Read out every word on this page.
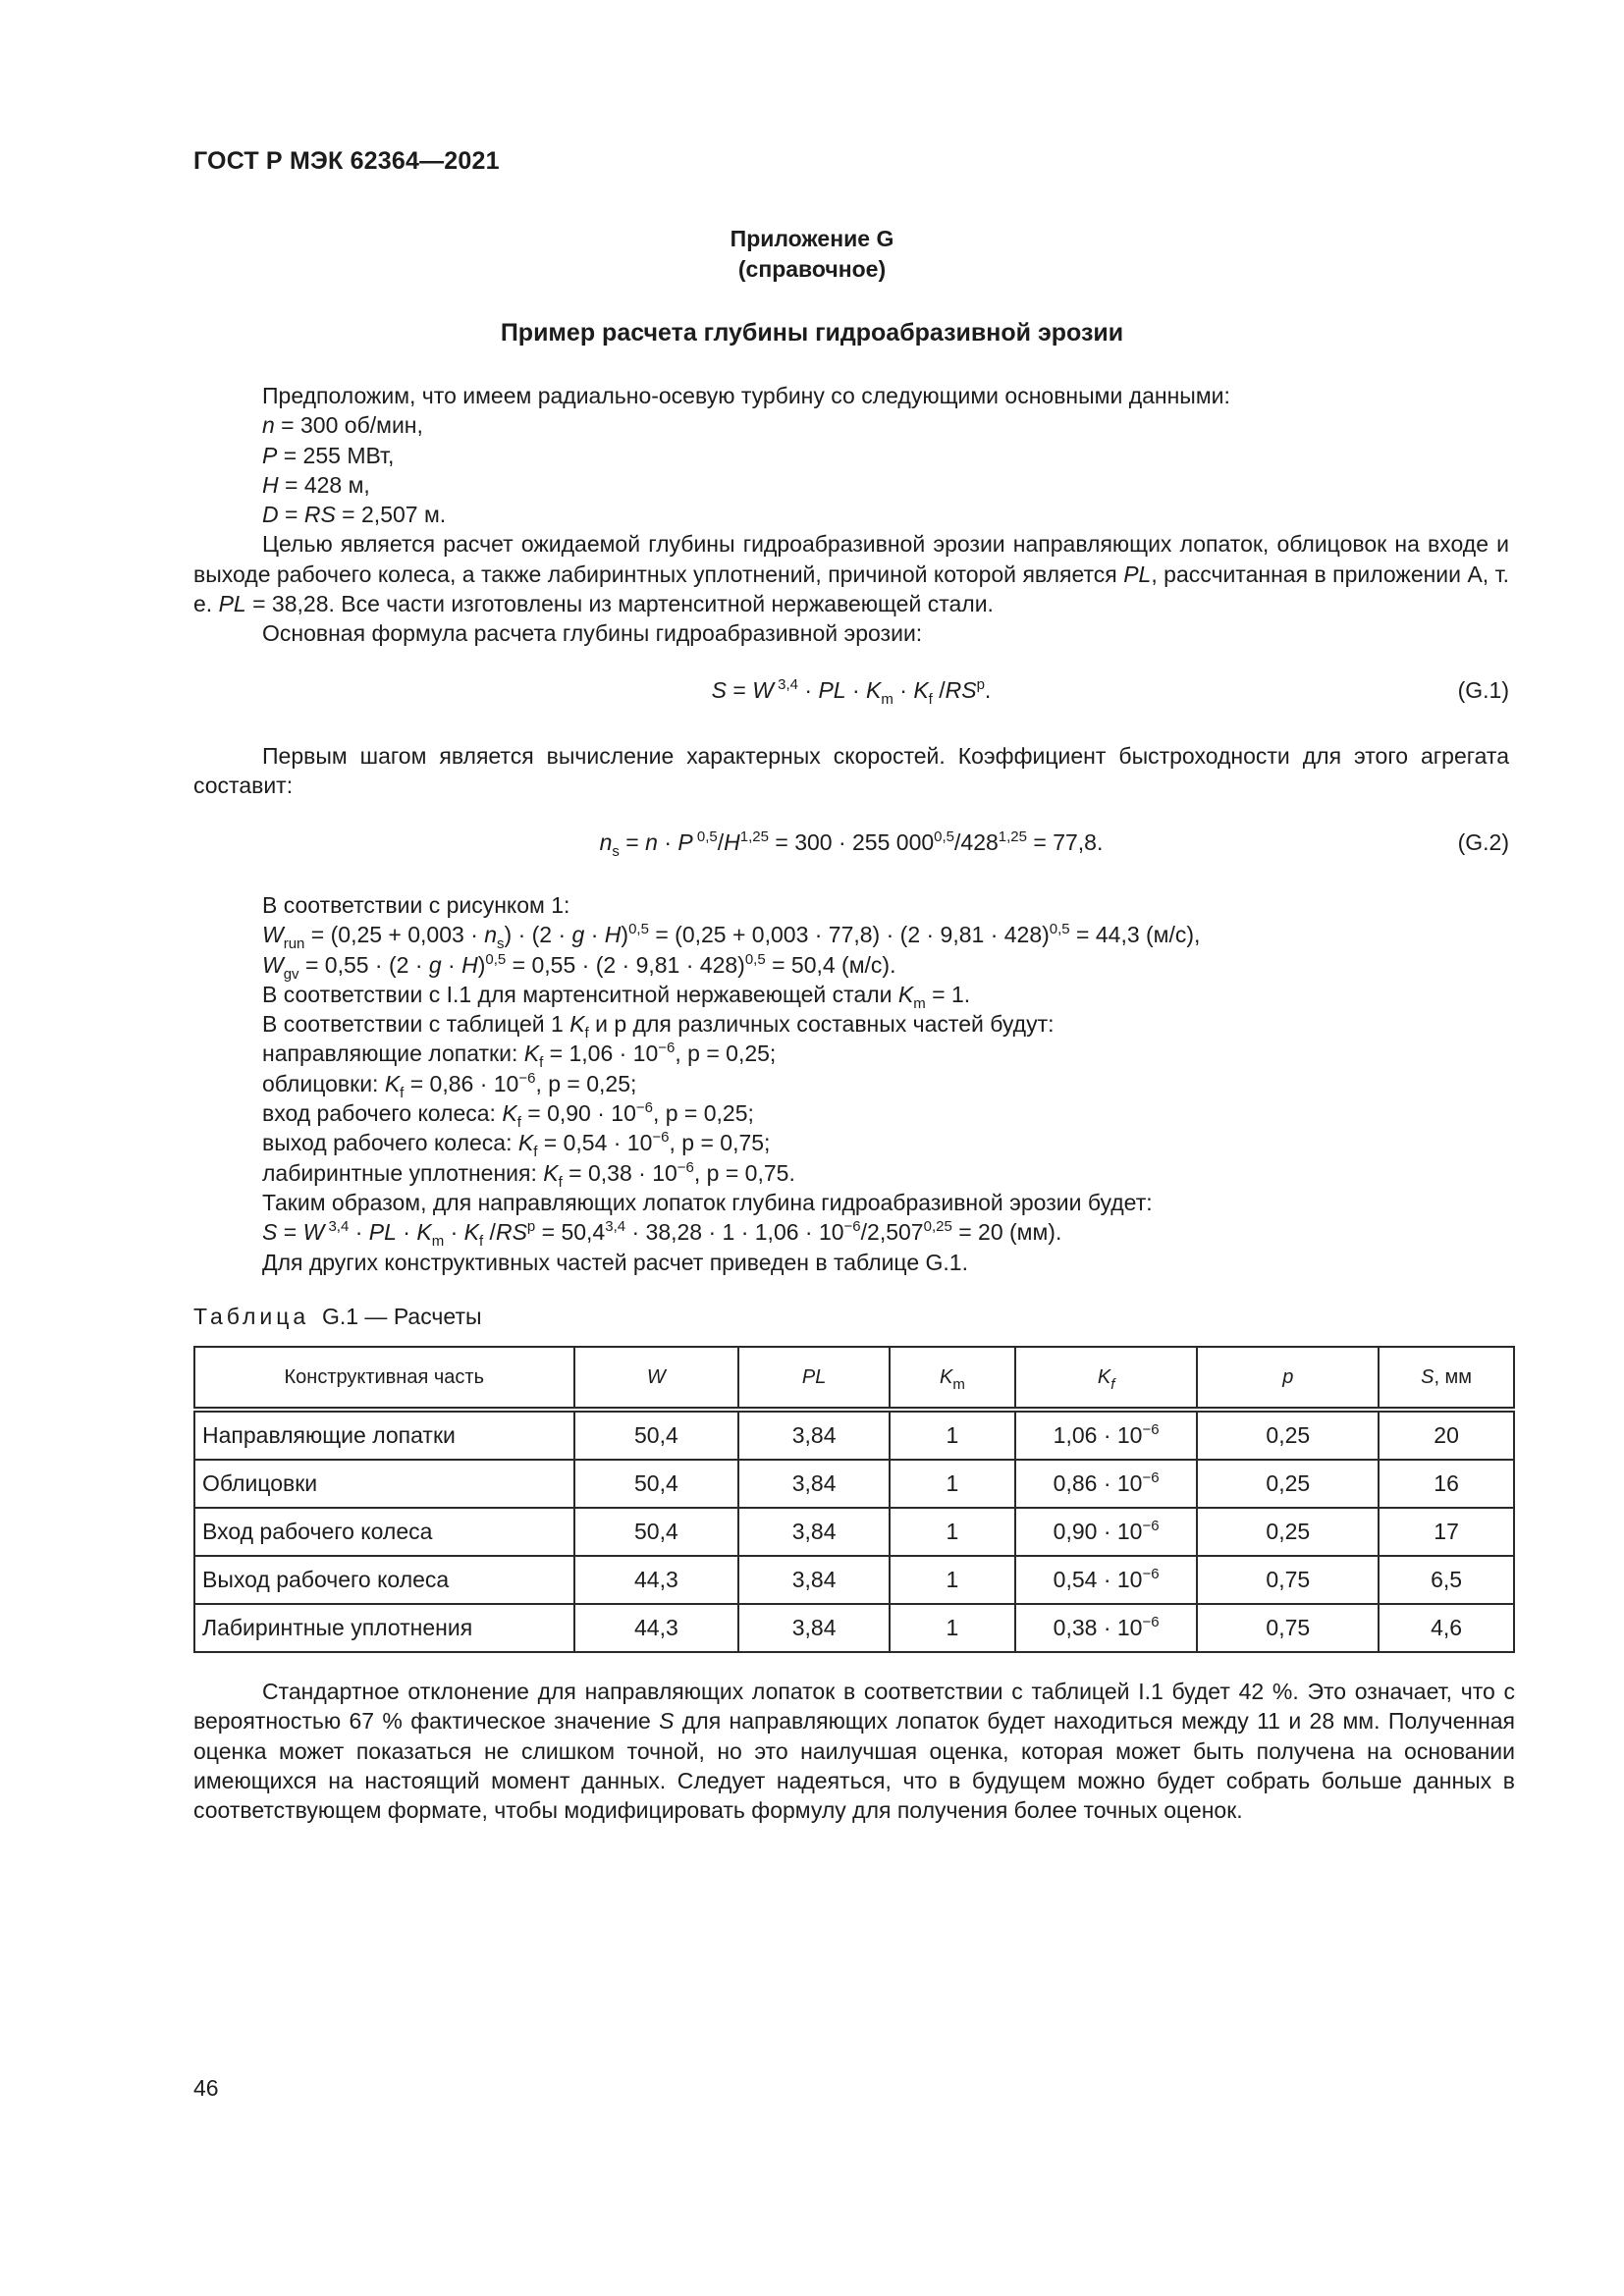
ГОСТ Р МЭК 62364—2021
Приложение G
(справочное)
Пример расчета глубины гидроабразивной эрозии

Предположим, что имеем радиально-осевую турбину со следующими основными данными:

n = 300 об/мин,

P = 255 МВт,

H = 428 м,

D = RS = 2,507 м.

Целью является расчет ожидаемой глубины гидроабразивной эрозии направляющих лопаток, облицовок на входе и выходе рабочего колеса, а также лабиринтных уплотнений, причиной которой является PL, рассчитанная в приложении А, т. е. PL = 38,28. Все части изготовлены из мартенситной нержавеющей стали.

Основная формула расчета глубины гидроабразивной эрозии:

S = W $^{3,4}$ · PL · $K_m \cdot K_f$ $/RS^p$.	(G.1)

Первым шагом является вычисление характерных скоростей. Коэффициент быстроходности для этого агрегата составит:

$n_s = n \cdot P$ $^{0,5}/H^{1,25} = 300 \cdot 255$ $000^{0,5}/428^{1,25} = 77,8$.	(G.2)

В соответствии с рисунком 1:

$W_{run} = (0,25 + 0,003 \cdot n_s) \cdot (2 \cdot g \cdot H)^{0,5} = (0,25 + 0,003 \cdot 77,8) \cdot (2 \cdot 9,81 \cdot 428)^{0,5} = 44,3$ (м/с),

$W_{gv} = 0,55 \cdot (2 \cdot g \cdot H)^{0,5} = 0,55 \cdot (2 \cdot 9,81 \cdot 428)^{0,5} = 50,4$ (м/с).

В соответствии с I.1 для мартенситной нержавеющей стали $K_m = 1$.

В соответствии с таблицей 1 $K_f$ и p для различных составных частей будут:

направляющие лопатки: $K_f = 1,06 \cdot 10^{-6}$, p = 0,25;

облицовки: $K_f = 0,86 \cdot 10^{-6}$, p = 0,25;

вход рабочего колеса: $K_f = 0,90 \cdot 10^{-6}$, p = 0,25;

выход рабочего колеса: $K_f = 0,54 \cdot 10^{-6}$, p = 0,75;

лабиринтные уплотнения: $K_f = 0,38 \cdot 10^{-6}$, p = 0,75.

Таким образом, для направляющих лопаток глубина гидроабразивной эрозии будет:

S = W $^{3,4}$ · PL · $K_m \cdot K_f$ $/RS^p = 50,4^{3,4} \cdot 38,28 \cdot 1 \cdot 1,06 \cdot 10^{-6}/2,507^{0,25} = 20$ (мм).

Для других конструктивных частей расчет приведен в таблице G.1.

Таблица G.1 — Расчеты
Конструктивная часть	W	PL	$K_m$	$K_f$	p	S, мм
Направляющие лопатки	50,4	3,84	1	$1,06 \cdot 10^{-6}$	0,25	20
Облицовки	50,4	3,84	1	$0,86 \cdot 10^{-6}$	0,25	16
Вход рабочего колеса	50,4	3,84	1	$0,90 \cdot 10^{-6}$	0,25	17
Выход рабочего колеса	44,3	3,84	1	$0,54 \cdot 10^{-6}$	0,75	6,5
Лабиринтные уплотнения	44,3	3,84	1	$0,38 \cdot 10^{-6}$	0,75	4,6

Стандартное отклонение для направляющих лопаток в соответствии с таблицей I.1 будет 42 %. Это означает, что с вероятностью 67 % фактическое значение S для направляющих лопаток будет находиться между 11 и 28 мм. Полученная оценка может показаться не слишком точной, но это наилучшая оценка, которая может быть получена на основании имеющихся на настоящий момент данных. Следует надеяться, что в будущем можно будет собрать больше данных в соответствующем формате, чтобы модифицировать формулу для получения более точных оценок.

46
